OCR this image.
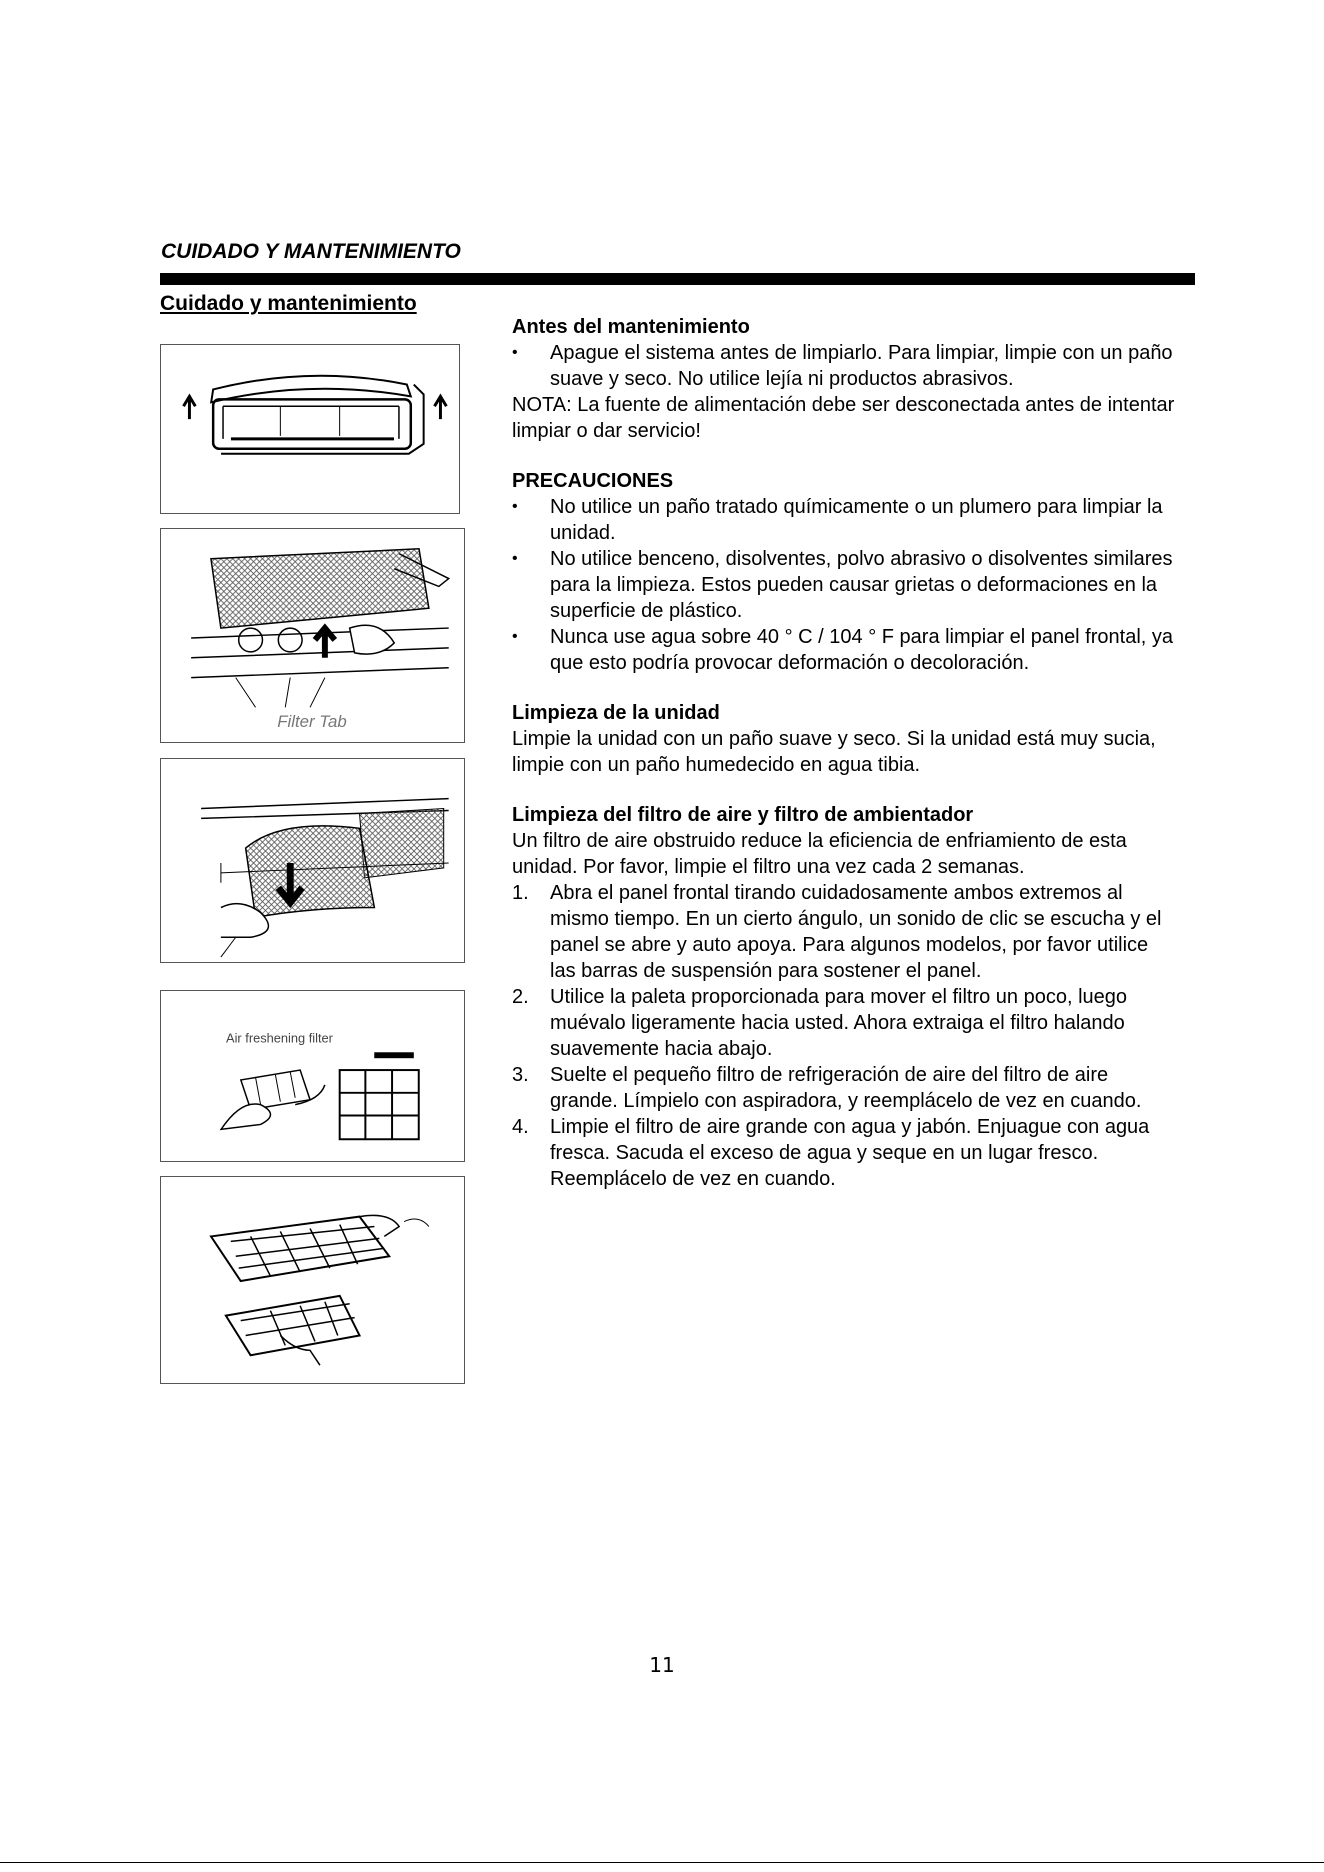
CUIDADO Y MANTENIMIENTO
Cuidado y mantenimiento
Filter Tab
Air freshening filter
Antes del mantenimiento
• Apague el sistema antes de limpiarlo. Para limpiar, limpie con un paño suave y seco. No utilice lejía ni productos abrasivos.

NOTA: La fuente de alimentación debe ser desconectada antes de intentar limpiar o dar servicio!

PRECAUCIONES
• No utilice un paño tratado químicamente o un plumero para limpiar la unidad.
• No utilice benceno, disolventes, polvo abrasivo o disolventes similares para la limpieza. Estos pueden causar grietas o deformaciones en la superficie de plástico.
• Nunca use agua sobre 40 ° C / 104 ° F para limpiar el panel frontal, ya que esto podría provocar deformación o decoloración.
Limpieza de la unidad

Limpie la unidad con un paño suave y seco. Si la unidad está muy sucia, limpie con un paño humedecido en agua tibia.

Limpieza del filtro de aire y filtro de ambientador

Un filtro de aire obstruido reduce la eficiencia de enfriamiento de esta unidad. Por favor, limpie el filtro una vez cada 2 semanas.

1. Abra el panel frontal tirando cuidadosamente ambos extremos al mismo tiempo. En un cierto ángulo, un sonido de clic se escucha y el panel se abre y auto apoya. Para algunos modelos, por favor utilice las barras de suspensión para sostener el panel.
2. Utilice la paleta proporcionada para mover el filtro un poco, luego muévalo ligeramente hacia usted. Ahora extraiga el filtro halando suavemente hacia abajo.
3. Suelte el pequeño filtro de refrigeración de aire del filtro de aire grande. Límpielo con aspiradora, y reemplácelo de vez en cuando.
4. Limpie el filtro de aire grande con agua y jabón. Enjuague con agua fresca. Sacuda el exceso de agua y seque en un lugar fresco. Reemplácelo de vez en cuando.
11
